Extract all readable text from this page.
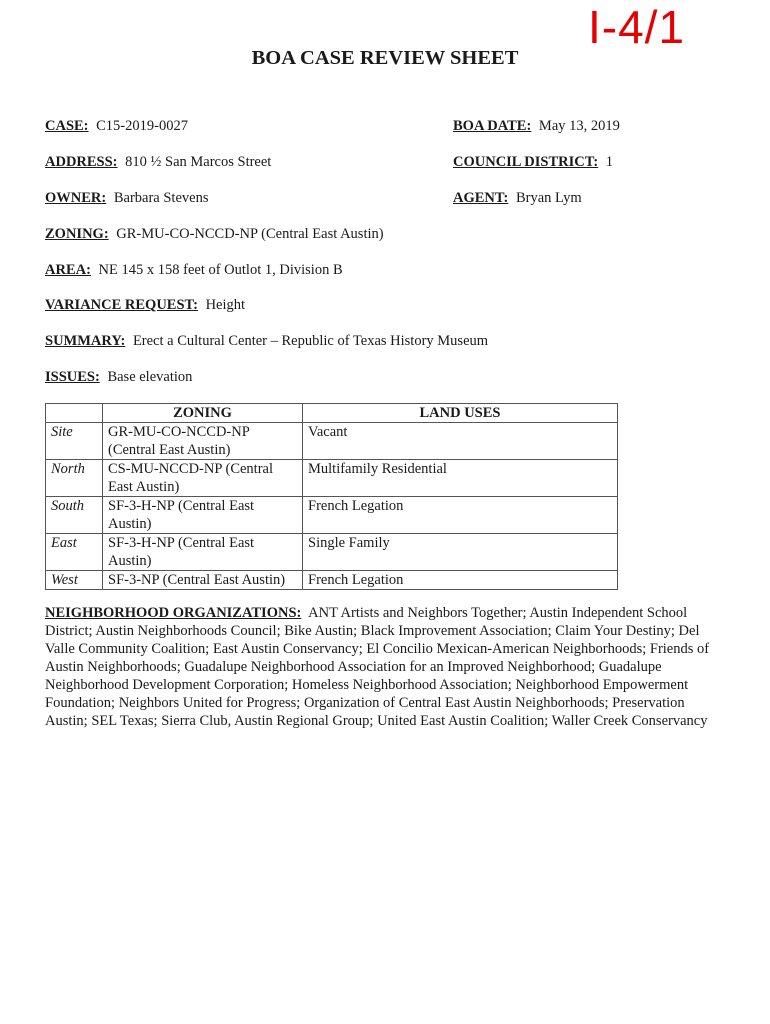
I-4/1
BOA CASE REVIEW SHEET
CASE: C15-2019-0027	BOA DATE: May 13, 2019
ADDRESS: 810 ½ San Marcos Street	COUNCIL DISTRICT: 1
OWNER: Barbara Stevens	AGENT: Bryan Lym
ZONING: GR-MU-CO-NCCD-NP (Central East Austin)
AREA: NE 145 x 158 feet of Outlot 1, Division B
VARIANCE REQUEST: Height
SUMMARY: Erect a Cultural Center – Republic of Texas History Museum
ISSUES: Base elevation
	ZONING	LAND USES
Site	GR-MU-CO-NCCD-NP (Central East Austin)	Vacant
North	CS-MU-NCCD-NP (Central East Austin)	Multifamily Residential
South	SF-3-H-NP (Central East Austin)	French Legation
East	SF-3-H-NP (Central East Austin)	Single Family
West	SF-3-NP (Central East Austin)	French Legation
NEIGHBORHOOD ORGANIZATIONS: ANT Artists and Neighbors Together; Austin Independent School District; Austin Neighborhoods Council; Bike Austin; Black Improvement Association; Claim Your Destiny; Del Valle Community Coalition; East Austin Conservancy; El Concilio Mexican-American Neighborhoods; Friends of Austin Neighborhoods; Guadalupe Neighborhood Association for an Improved Neighborhood; Guadalupe Neighborhood Development Corporation; Homeless Neighborhood Association; Neighborhood Empowerment Foundation; Neighbors United for Progress; Organization of Central East Austin Neighborhoods; Preservation Austin; SEL Texas; Sierra Club, Austin Regional Group; United East Austin Coalition; Waller Creek Conservancy
